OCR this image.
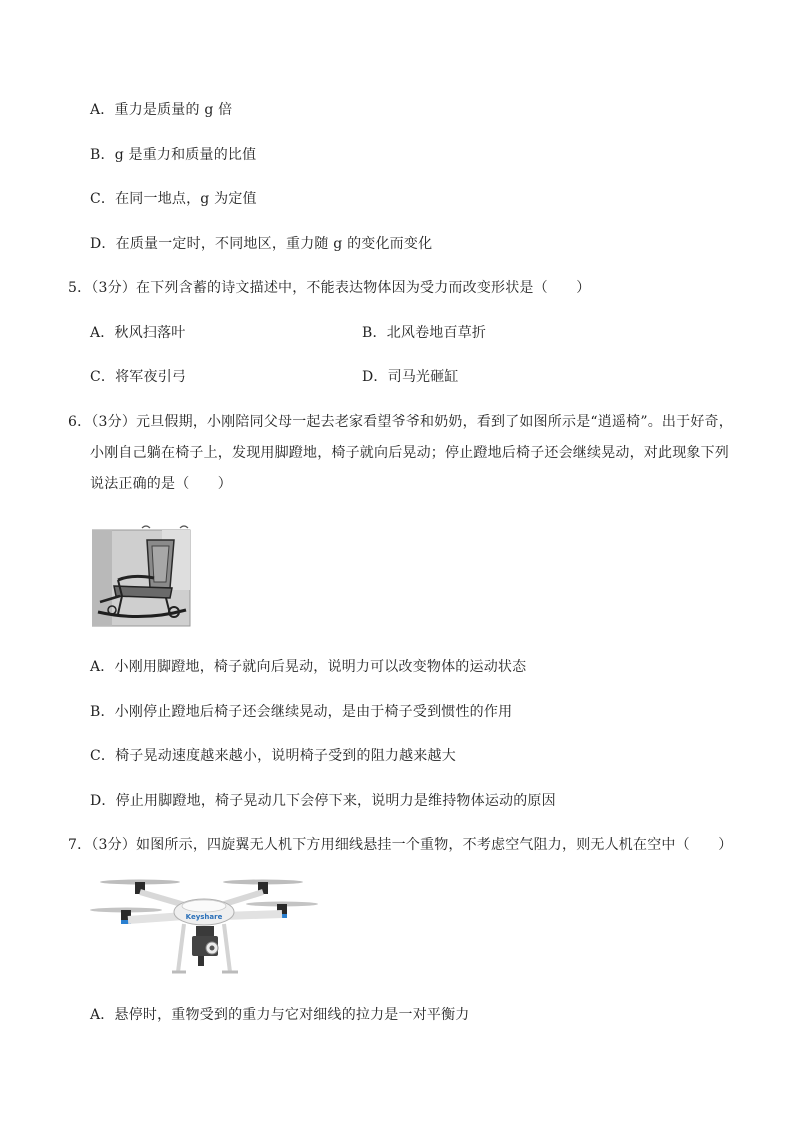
A．重力是质量的 g 倍
B．g 是重力和质量的比值
C．在同一地点，g 为定值
D．在质量一定时，不同地区，重力随 g 的变化而变化
5．（3分）在下列含蓄的诗文描述中，不能表达物体因为受力而改变形状是（　　）
A．秋风扫落叶	B．北风卷地百草折
C．将军夜引弓	D．司马光砸缸
6．（3分）元旦假期，小刚陪同父母一起去老家看望爷爷和奶奶，看到了如图所示是“逍遥椅”。出于好奇，
小刚自己躺在椅子上，发现用脚蹬地，椅子就向后晃动；停止蹬地后椅子还会继续晃动，对此现象下列
说法正确的是（　　）
A．小刚用脚蹬地，椅子就向后晃动，说明力可以改变物体的运动状态
B．小刚停止蹬地后椅子还会继续晃动，是由于椅子受到惯性的作用
C．椅子晃动速度越来越小，说明椅子受到的阻力越来越大
D．停止用脚蹬地，椅子晃动几下会停下来，说明力是维持物体运动的原因
7．（3分）如图所示，四旋翼无人机下方用细线悬挂一个重物，不考虑空气阻力，则无人机在空中（　　）
Keyshare
A．悬停时，重物受到的重力与它对细线的拉力是一对平衡力
